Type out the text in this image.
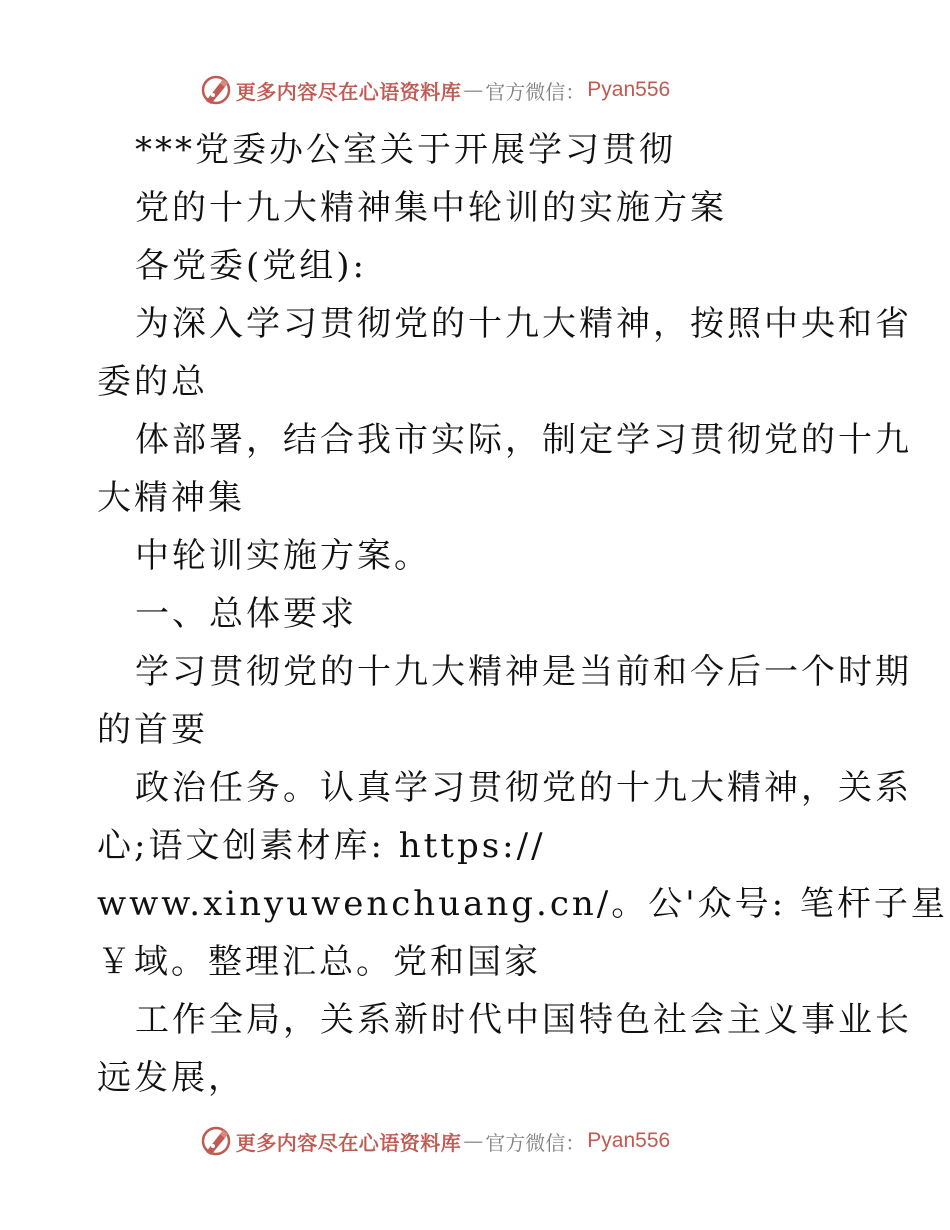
更多内容尽在心语资料库 — 官方微信： Pyan556
***党委办公室关于开展学习贯彻
党的十九大精神集中轮训的实施方案
各党委(党组):
为深入学习贯彻党的十九大精神，按照中央和省
委的总
体部署，结合我市实际，制定学习贯彻党的十九
大精神集
中轮训实施方案。
一、总体要求
学习贯彻党的十九大精神是当前和今后一个时期
的首要
政治任务。认真学习贯彻党的十九大精神，关系
心;语文创素材库: https://
www.xinyuwenchuang.cn/。公'众号: 笔杆子星
￥域。整理汇总。党和国家
工作全局，关系新时代中国特色社会主义事业长
远发展，
更多内容尽在心语资料库 — 官方微信： Pyan556
